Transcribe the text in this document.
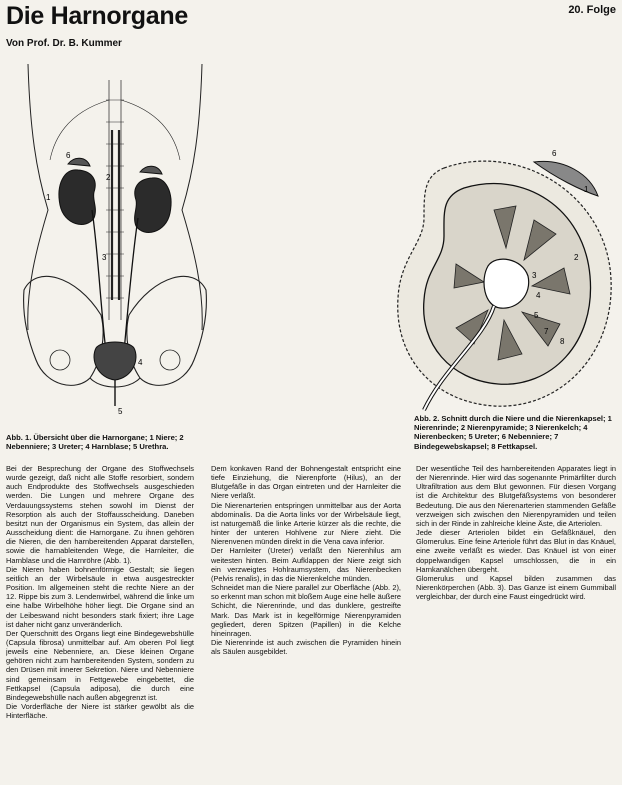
Die Harnorgane	20. Folge
Von Prof. Dr. B. Kummer
1
2
3
4
5
6
1
2
3
4
5
6
7
8
Abb. 1. Übersicht über die Harnorgane; 1 Niere; 2 Nebenniere; 3 Ureter; 4 Harnblase; 5 Urethra.
Abb. 2. Schnitt durch die Niere und die Nierenkapsel; 1 Nierenrinde; 2 Nierenpyramide; 3 Nierenkelch; 4 Nierenbecken; 5 Ureter; 6 Nebenniere; 7 Bindegewebskapsel; 8 Fettkapsel.

Bei der Besprechung der Organe des Stoffwechsels wurde gezeigt, daß nicht alle Stoffe resorbiert, sondern auch Endprodukte des Stoffwechsels ausgeschieden werden. Die Lungen und mehrere Organe des Verdauungssystems stehen sowohl im Dienst der Resorption als auch der Stoffausscheidung. Daneben besitzt nun der Organismus ein System, das allein der Ausscheidung dient: die Harnorgane. Zu ihnen gehören die Nieren, die den harnbereitenden Apparat darstellen, sowie die harnableitenden Wege, die Harnleiter, die Harnblase und die Harnröhre (Abb. 1).

Die Nieren haben bohnenförmige Gestalt; sie liegen seitlich an der Wirbelsäule in etwa ausgestreckter Position. Im allgemeinen steht die rechte Niere an der 12. Rippe bis zum 3. Lendenwirbel, während die linke um eine halbe Wirbelhöhe höher liegt. Die Organe sind an der Leibeswand nicht besonders stark fixiert; ihre Lage ist daher nicht ganz unveränderlich.

Der Querschnitt des Organs liegt eine Bindegewebshülle (Capsula fibrosa) unmittelbar auf. Am oberen Pol liegt jeweils eine Nebenniere, an. Diese kleinen Organe gehören nicht zum harnbereitenden System, sondern zu den Drüsen mit innerer Sekretion. Niere und Nebenniere sind gemeinsam in Fettgewebe eingebettet, die Fettkapsel (Capsula adiposa), die durch eine Bindegewebshülle nach außen abgegrenzt ist.

Die Vorderfläche der Niere ist stärker gewölbt als die Hinterfläche.

Dem konkaven Rand der Bohnengestalt entspricht eine tiefe Einziehung, die Nierenpforte (Hilus), an der Blutgefäße in das Organ eintreten und der Harnleiter die Niere verläßt.

Die Nierenarterien entspringen unmittelbar aus der Aorta abdominalis. Da die Aorta links vor der Wirbelsäule liegt, ist naturgemäß die linke Arterie kürzer als die rechte, die hinter der unteren Hohlvene zur Niere zieht. Die Nierenvenen münden direkt in die Vena cava inferior.

Der Harnleiter (Ureter) verläßt den Nierenhilus am weitesten hinten. Beim Aufklappen der Niere zeigt sich ein verzweigtes Hohlraumsystem, das Nierenbecken (Pelvis renalis), in das die Nierenkelche münden.

Schneidet man die Niere parallel zur Oberfläche (Abb. 2), so erkennt man schon mit bloßem Auge eine helle äußere Schicht, die Nierenrinde, und das dunklere, gestreifte Mark. Das Mark ist in kegelförmige Nierenpyramiden gegliedert, deren Spitzen (Papillen) in die Kelche hineinragen.

Die Nierenrinde ist auch zwischen die Pyramiden hinein als Säulen ausgebildet.

Der wesentliche Teil des harnbereitenden Apparates liegt in der Nierenrinde. Hier wird das sogenannte Primärfilter durch Ultrafiltration aus dem Blut gewonnen. Für diesen Vorgang ist die Architektur des Blutgefäßsystems von besonderer Bedeutung. Die aus den Nierenarterien stammenden Gefäße verzweigen sich zwischen den Nierenpyramiden und teilen sich in der Rinde in zahlreiche kleine Äste, die Arteriolen.

Jede dieser Arteriolen bildet ein Gefäßknäuel, den Glomerulus. Eine feine Arteriole führt das Blut in das Knäuel, eine zweite verläßt es wieder. Das Knäuel ist von einer doppelwandigen Kapsel umschlossen, die in ein Harnkanälchen übergeht.

Glomerulus und Kapsel bilden zusammen das Nierenkörperchen (Abb. 3). Das Ganze ist einem Gummiball vergleichbar, der durch eine Faust eingedrückt wird.
